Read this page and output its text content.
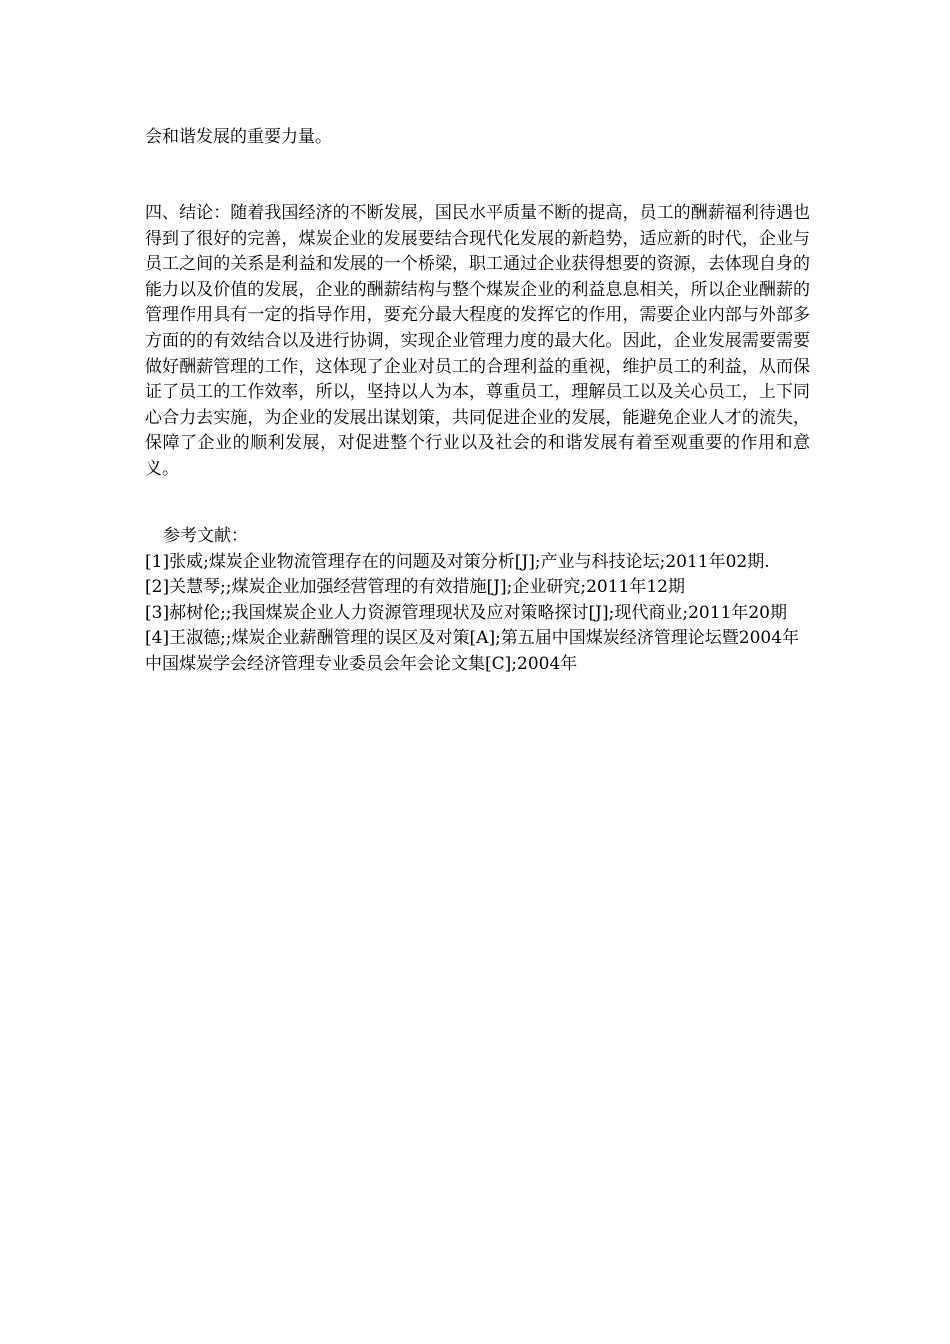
会和谐发展的重要力量。

四、结论：随着我国经济的不断发展，国民水平质量不断的提高，员工的酬薪福利待遇也得到了很好的完善，煤炭企业的发展要结合现代化发展的新趋势，适应新的时代，企业与员工之间的关系是利益和发展的一个桥梁，职工通过企业获得想要的资源，去体现自身的能力以及价值的发展，企业的酬薪结构与整个煤炭企业的利益息息相关，所以企业酬薪的管理作用具有一定的指导作用，要充分最大程度的发挥它的作用，需要企业内部与外部多方面的的有效结合以及进行协调，实现企业管理力度的最大化。因此，企业发展需要需要做好酬薪管理的工作，这体现了企业对员工的合理利益的重视，维护员工的利益，从而保证了员工的工作效率，所以，坚持以人为本，尊重员工，理解员工以及关心员工，上下同心合力去实施，为企业的发展出谋划策，共同促进企业的发展，能避免企业人才的流失，保障了企业的顺利发展，对促进整个行业以及社会的和谐发展有着至观重要的作用和意义。

参考文献：

[1]张威;煤炭企业物流管理存在的问题及对策分析[J];产业与科技论坛;2011年02期.

[2]关慧琴;;煤炭企业加强经营管理的有效措施[J];企业研究;2011年12期

[3]郝树伦;;我国煤炭企业人力资源管理现状及应对策略探讨[J];现代商业;2011年20期

[4]王淑德;;煤炭企业薪酬管理的误区及对策[A];第五届中国煤炭经济管理论坛暨2004年中国煤炭学会经济管理专业委员会年会论文集[C];2004年
